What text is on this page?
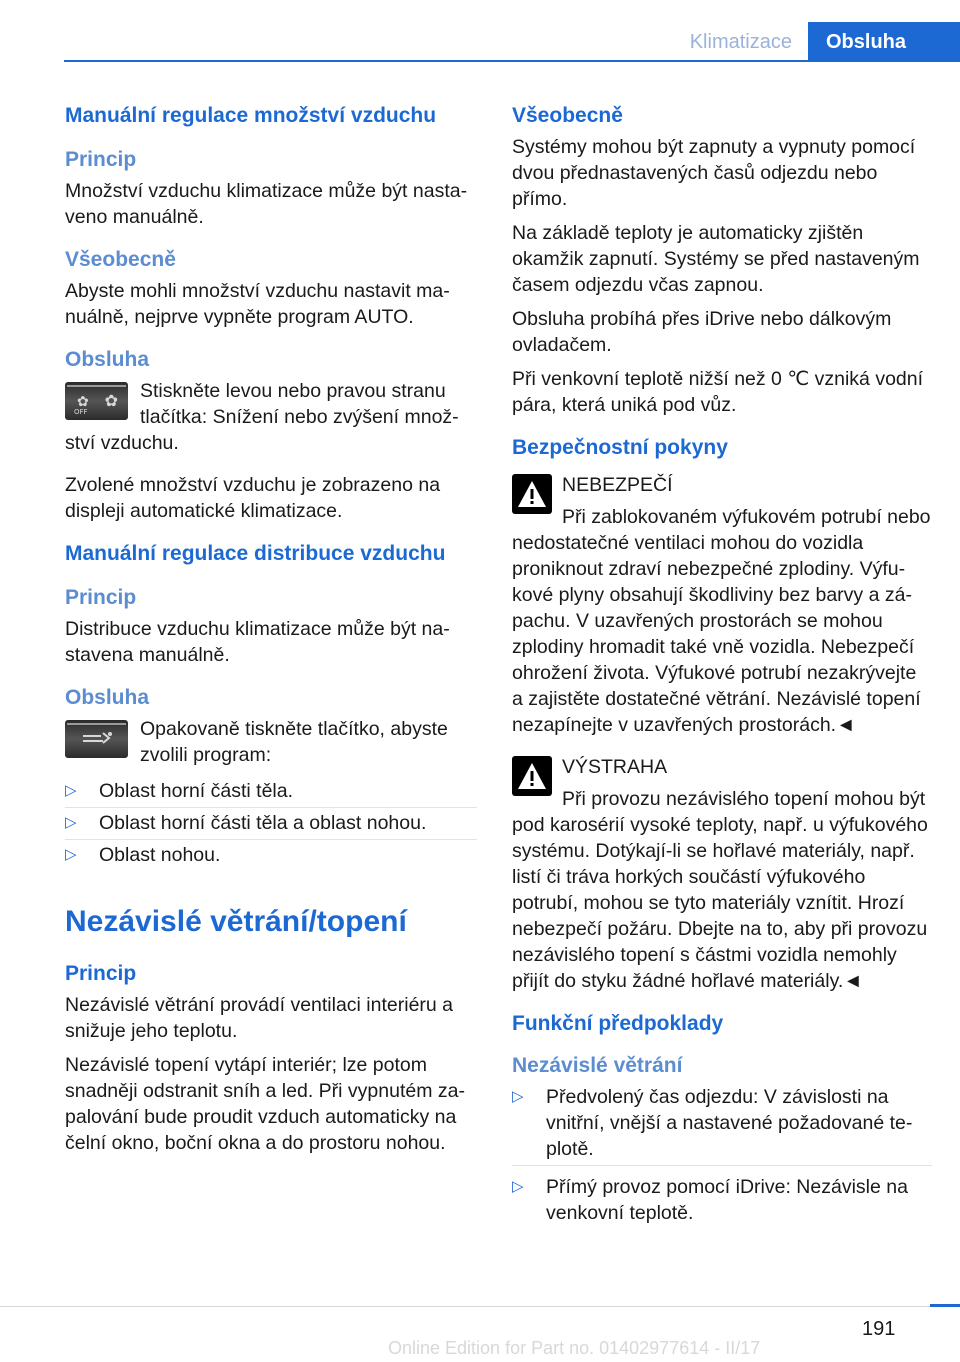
Klimatizace	Obsluha
Manuální regulace množství vzduchu
Princip

Množství vzduchu klimatizace může být nastaveno manuálně.

Všeobecně

Abyste mohli množství vzduchu nastavit manuálně, nejprve vypněte program AUTO.

Obsluha
✿
OFF
✿ Stiskněte levou nebo pravou stranu tlačítka: Snížení nebo zvýšení množství vzduchu.

Zvolené množství vzduchu je zobrazeno na displeji automatické klimatizace.

Manuální regulace distribuce vzduchu
Princip

Distribuce vzduchu klimatizace může být nastavena manuálně.

Obsluha
Opakovaně tiskněte tlačítko, abyste zvolili program:
▷ Oblast horní části těla.
▷ Oblast horní části těla a oblast nohou.
▷ Oblast nohou.
Nezávislé větrání/topení
Princip

Nezávislé větrání provádí ventilaci interiéru a snižuje jeho teplotu.

Nezávislé topení vytápí interiér; lze potom snadněji odstranit sníh a led. Při vypnutém zapalování bude proudit vzduch automaticky na čelní okno, boční okna a do prostoru nohou.

Všeobecně

Systémy mohou být zapnuty a vypnuty pomocí dvou přednastavených časů odjezdu nebo přímo.

Na základě teploty je automaticky zjištěn okamžik zapnutí. Systémy se před nastaveným časem odjezdu včas zapnou.

Obsluha probíhá přes iDrive nebo dálkovým ovladačem.

Při venkovní teplotě nižší než 0 ℃ vzniká vodní pára, která uniká pod vůz.

Bezpečnostní pokyny
NEBEZPEČÍ
Při zablokovaném výfukovém potrubí nebo nedostatečné ventilaci mohou do vozidla proniknout zdraví nebezpečné zplodiny. Výfukové plyny obsahují škodliviny bez barvy a zápachu. V uzavřených prostorách se mohou zplodiny hromadit také vně vozidla. Nebezpečí ohrožení života. Výfukové potrubí nezakrývejte a zajistěte dostatečné větrání. Nezávislé topení nezapínejte v uzavřených prostorách.◄
VÝSTRAHA
Při provozu nezávislého topení mohou být pod karosérií vysoké teploty, např. u výfukového systému. Dotýkají-li se hořlavé materiály, např. listí či tráva horkých součástí výfukového potrubí, mohou se tyto materiály vznítit. Hrozí nebezpečí požáru. Dbejte na to, aby při provozu nezávislého topení s částmi vozidla nemohly přijít do styku žádné hořlavé materiály.◄
Funkční předpoklady
Nezávislé větrání
▷ Předvolený čas odjezdu: V závislosti na vnitřní, vnější a nastavené požadované teplotě.
▷ Přímý provoz pomocí iDrive: Nezávisle na venkovní teplotě.
191
Online Edition for Part no. 01402977614 - II/17
